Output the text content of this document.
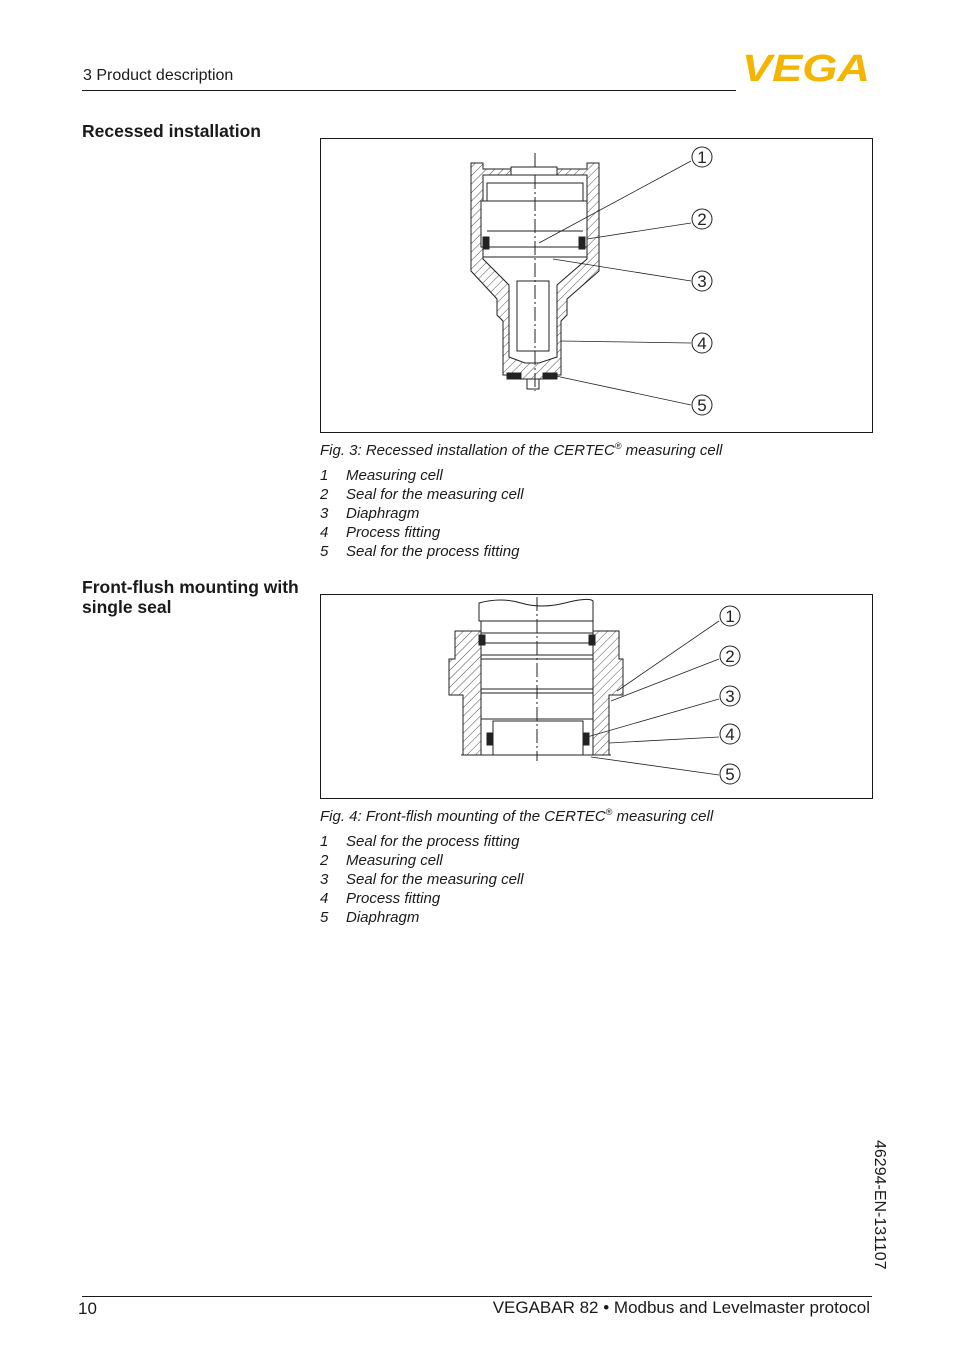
3 Product description	VEGA
Recessed installation
1
2
3
4
5
Fig. 3: Recessed installation of the CERTEC® measuring cell
1	Measuring cell
2	Seal for the measuring cell
3	Diaphragm
4	Process fitting
5	Seal for the process fitting
Front-flush mounting with
single seal	1
2
3
4
5
Fig. 4: Front-flish mounting of the CERTEC® measuring cell
1	Seal for the process fitting
2	Measuring cell
3	Seal for the measuring cell
4	Process fitting
5	Diaphragm
46294-EN-131107
10	VEGABAR 82 • Modbus and Levelmaster protocol
